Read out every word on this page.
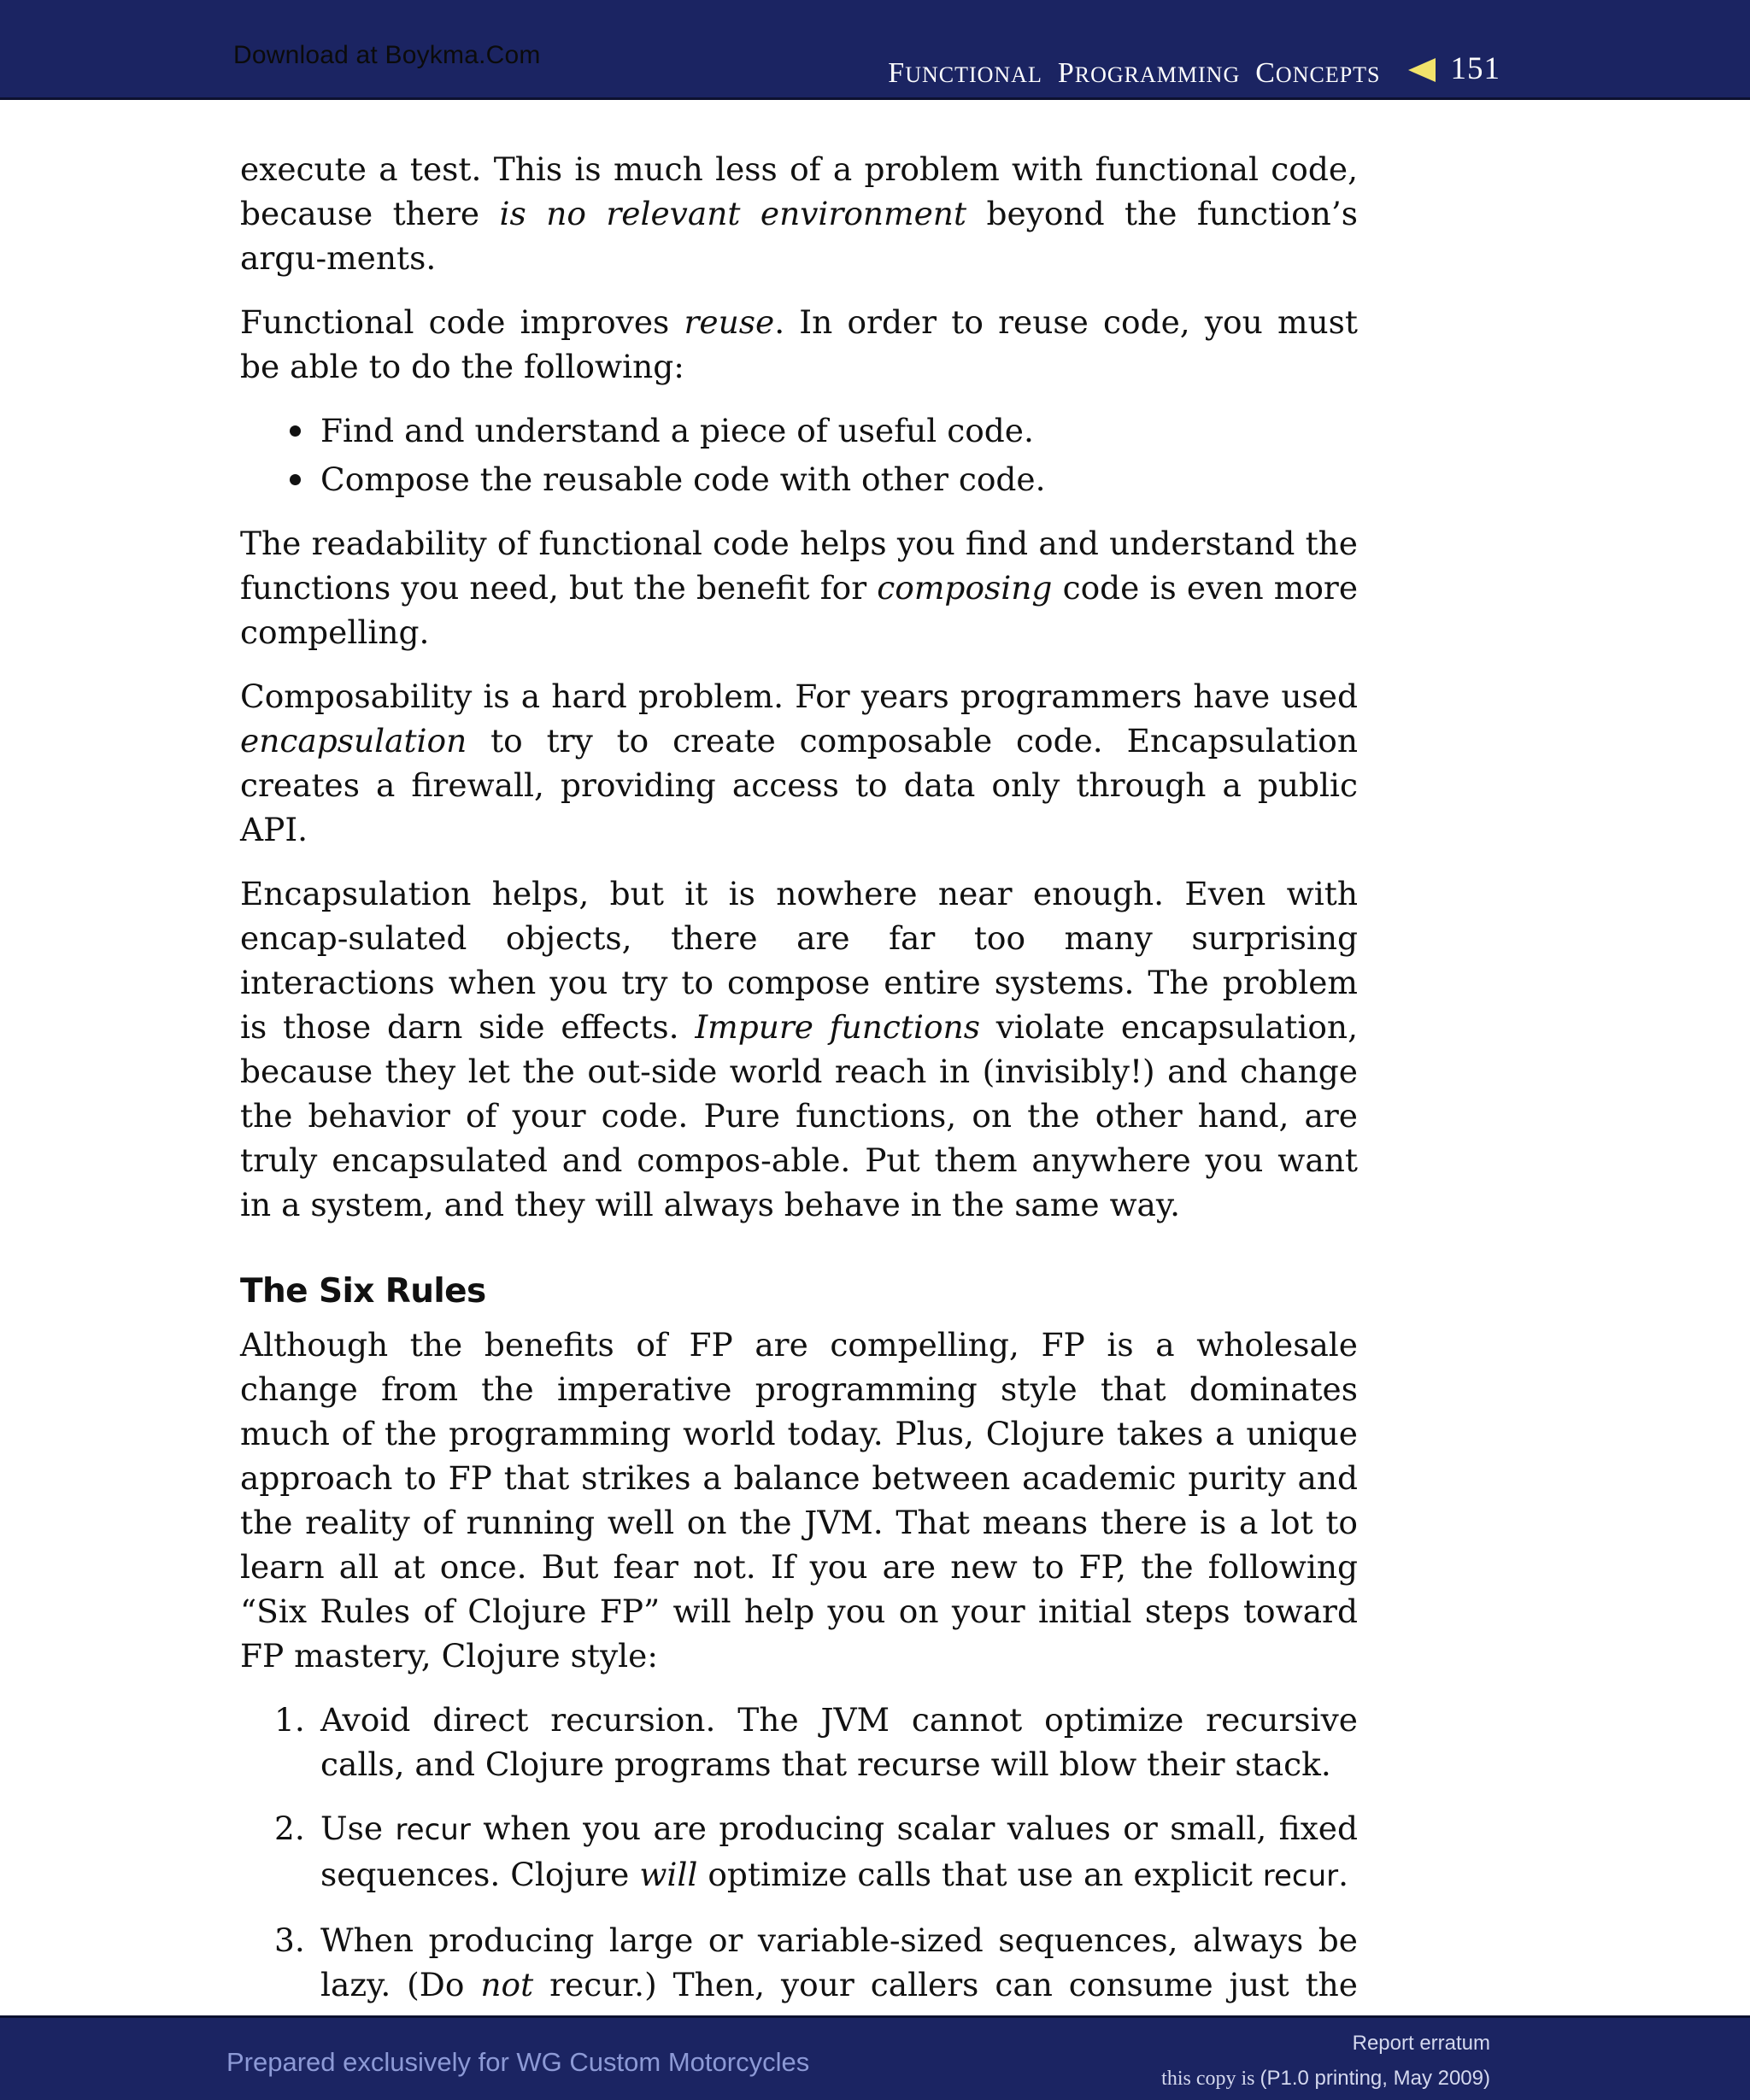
Download at Boykma.Com
Functional Programming Concepts 151

execute a test. This is much less of a problem with functional code, because there is no relevant environment beyond the function’s argu-ments.

Functional code improves reuse. In order to reuse code, you must be able to do the following:

Find and understand a piece of useful code.
Compose the reusable code with other code.

The readability of functional code helps you find and understand the functions you need, but the benefit for composing code is even more compelling.

Composability is a hard problem. For years programmers have used encapsulation to try to create composable code. Encapsulation creates a firewall, providing access to data only through a public API.

Encapsulation helps, but it is nowhere near enough. Even with encap-sulated objects, there are far too many surprising interactions when you try to compose entire systems. The problem is those darn side effects. Impure functions violate encapsulation, because they let the out-side world reach in (invisibly!) and change the behavior of your code. Pure functions, on the other hand, are truly encapsulated and compos-able. Put them anywhere you want in a system, and they will always behave in the same way.

The Six Rules

Although the benefits of FP are compelling, FP is a wholesale change from the imperative programming style that dominates much of the programming world today. Plus, Clojure takes a unique approach to FP that strikes a balance between academic purity and the reality of running well on the JVM. That means there is a lot to learn all at once. But fear not. If you are new to FP, the following “Six Rules of Clojure FP” will help you on your initial steps toward FP mastery, Clojure style:

1. Avoid direct recursion. The JVM cannot optimize recursive calls, and Clojure programs that recurse will blow their stack.
2. Use recur when you are producing scalar values or small, fixed sequences. Clojure will optimize calls that use an explicit recur.
3. When producing large or variable-sized sequences, always be lazy. (Do not recur.) Then, your callers can consume just the
Prepared exclusively for WG Custom Motorcycles
Report erratum
this copy is (P1.0 printing, May 2009)
